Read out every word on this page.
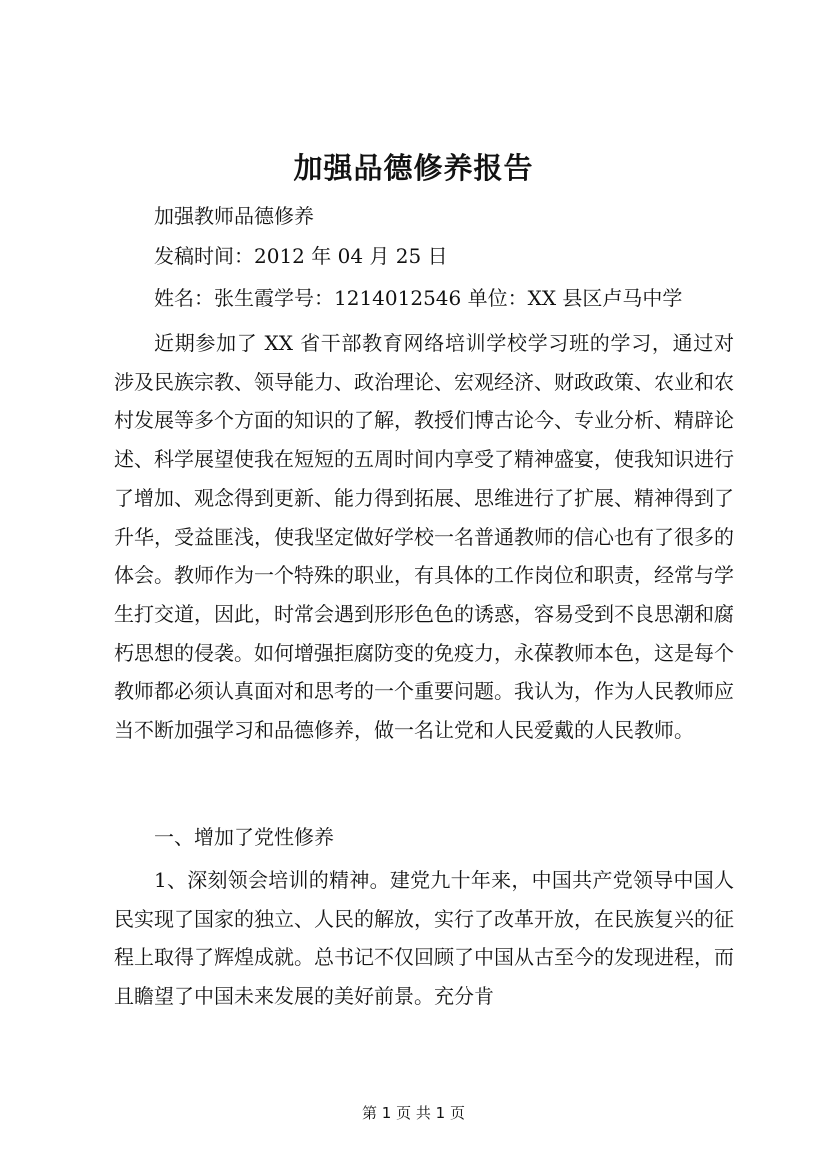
加强品德修养报告
加强教师品德修养
发稿时间：2012 年 04 月 25 日
姓名：张生霞学号：1214012546 单位：XX 县区卢马中学

近期参加了 XX 省干部教育网络培训学校学习班的学习，通过对涉及民族宗教、领导能力、政治理论、宏观经济、财政政策、农业和农村发展等多个方面的知识的了解，教授们博古论今、专业分析、精辟论述、科学展望使我在短短的五周时间内享受了精神盛宴，使我知识进行了增加、观念得到更新、能力得到拓展、思维进行了扩展、精神得到了升华，受益匪浅，使我坚定做好学校一名普通教师的信心也有了很多的体会。教师作为一个特殊的职业，有具体的工作岗位和职责，经常与学生打交道，因此，时常会遇到形形色色的诱惑，容易受到不良思潮和腐朽思想的侵袭。如何增强拒腐防变的免疫力，永葆教师本色，这是每个教师都必须认真面对和思考的一个重要问题。我认为，作为人民教师应当不断加强学习和品德修养，做一名让党和人民爱戴的人民教师。

一、增加了党性修养

1、深刻领会培训的精神。建党九十年来，中国共产党领导中国人民实现了国家的独立、人民的解放，实行了改革开放，在民族复兴的征程上取得了辉煌成就。总书记不仅回顾了中国从古至今的发现进程，而且瞻望了中国未来发展的美好前景。充分肯

第 1 页 共 1 页
